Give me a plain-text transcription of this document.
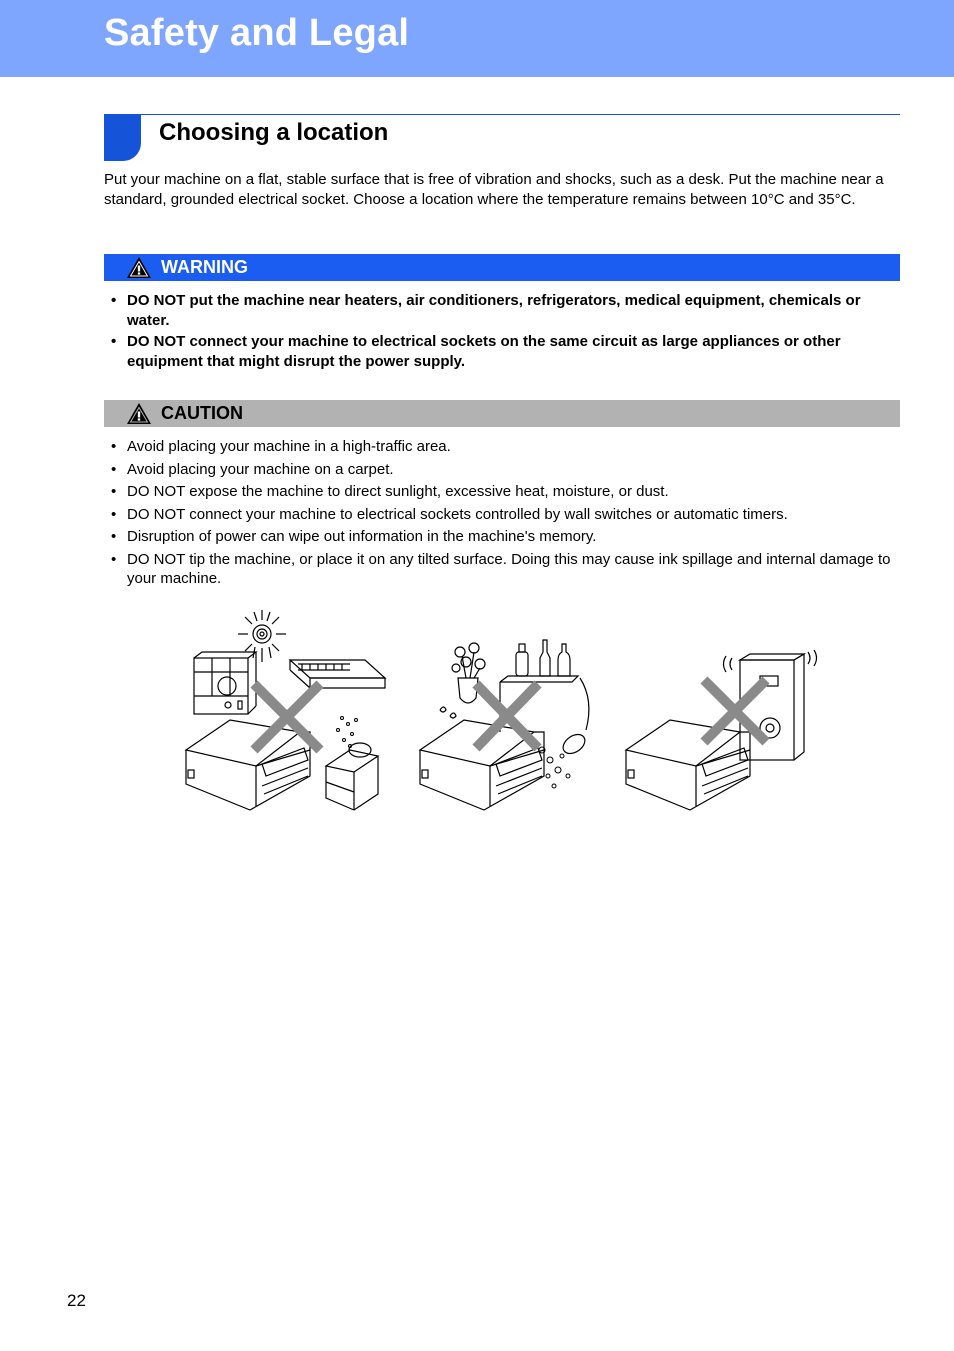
Safety and Legal
Choosing a location

Put your machine on a flat, stable surface that is free of vibration and shocks, such as a desk. Put the machine near a standard, grounded electrical socket. Choose a location where the temperature remains between 10°C and 35°C.

WARNING
• DO NOT put the machine near heaters, air conditioners, refrigerators, medical equipment, chemicals or water.
• DO NOT connect your machine to electrical sockets on the same circuit as large appliances or other equipment that might disrupt the power supply.
CAUTION
• Avoid placing your machine in a high-traffic area.
• Avoid placing your machine on a carpet.
• DO NOT expose the machine to direct sunlight, excessive heat, moisture, or dust.
• DO NOT connect your machine to electrical sockets controlled by wall switches or automatic timers.
• Disruption of power can wipe out information in the machine's memory.
• DO NOT tip the machine, or place it on any tilted surface. Doing this may cause ink spillage and internal damage to your machine.
22
